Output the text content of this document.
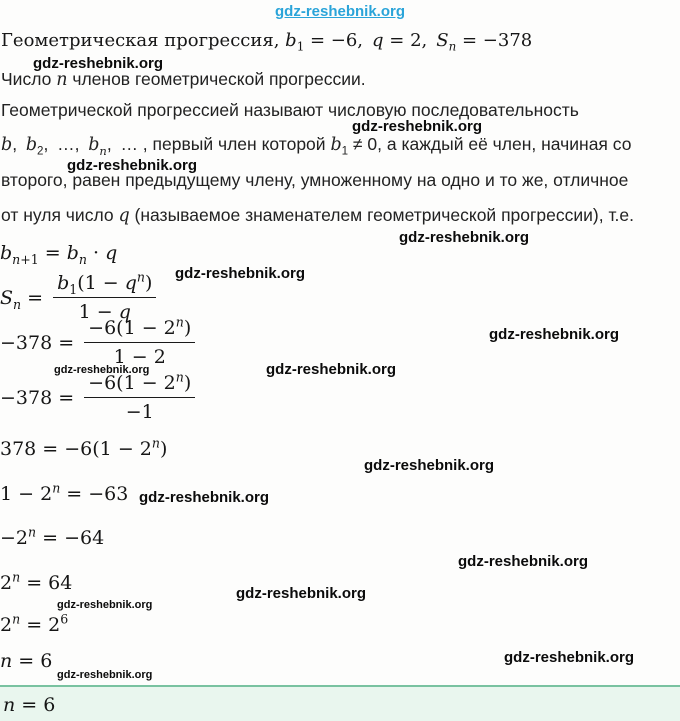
gdz-reshebnik.org
Геометрическая прогрессия, $b_1 = -6$, q = 2, $S_n = -378$
gdz-reshebnik.org
Число n членов геометрической прогрессии.
Геометрической прогрессией называют числовую последовательность
gdz-reshebnik.org
b, $b_2$, …, $b_n$, … , первый член которой $b_1 \ne 0$, а каждый её член, начиная со
gdz-reshebnik.org
второго, равен предыдущему члену, умноженному на одно и то же, отличное
от нуля число q (называемое знаменателем геометрической прогрессии), т.е.
gdz-reshebnik.org
$b_{n+1} = b_n \cdot q$
gdz-reshebnik.org
$S_n = \frac{b_1(1 - q^n)}{1 - q}$
$-378 = \frac{-6(1 - 2^n)}{1 - 2}$	gdz-reshebnik.org
gdz-reshebnik.org	gdz-reshebnik.org
$-378 = \frac{-6(1 - 2^n)}{-1}$
$378 = -6(1 - 2^n)$
gdz-reshebnik.org
$1 - 2^n = -63$ gdz-reshebnik.org
$-2^n = -64$
gdz-reshebnik.org
$2^n = 64$	gdz-reshebnik.org
gdz-reshebnik.org
$2^n = 2^6$
gdz-reshebnik.org
n = 6
gdz-reshebnik.org
n = 6
